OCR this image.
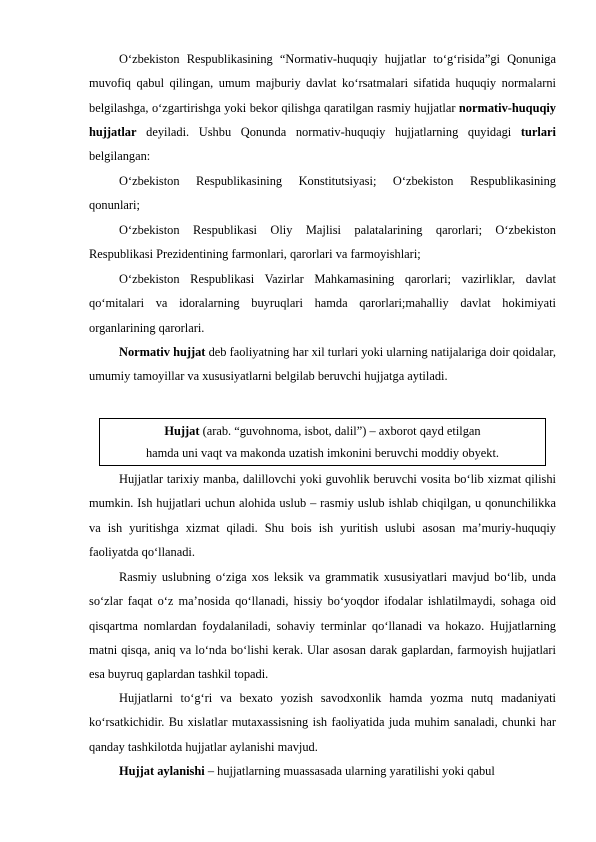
O‘zbekiston Respublikasining “Normativ-huquqiy hujjatlar to‘g‘risida”gi Qonuniga muvofiq qabul qilingan, umum majburiy davlat ko‘rsatmalari sifatida huquqiy normalarni belgilashga, o‘zgartirishga yoki bekor qilishga qaratilgan rasmiy hujjatlar normativ-huquqiy hujjatlar deyiladi. Ushbu Qonunda normativ-huquqiy hujjatlarning quyidagi turlari belgilangan:

O‘zbekiston Respublikasining Konstitutsiyasi; O‘zbekiston Respublikasining qonunlari;

O‘zbekiston Respublikasi Oliy Majlisi palatalarining qarorlari; O‘zbekiston Respublikasi Prezidentining farmonlari, qarorlari va farmoyishlari;

O‘zbekiston Respublikasi Vazirlar Mahkamasining qarorlari; vazirliklar, davlat qo‘mitalari va idoralarning buyruqlari hamda qarorlari;mahalliy davlat hokimiyati organlarining qarorlari.

Normativ hujjat deb faoliyatning har xil turlari yoki ularning natijalariga doir qoidalar, umumiy tamoyillar va xususiyatlarni belgilab beruvchi hujjatga aytiladi.

Hujjat (arab. “guvohnoma, isbot, dalil”) – axborot qayd etilgan
hamda uni vaqt va makonda uzatish imkonini beruvchi moddiy obyekt.

Hujjatlar tarixiy manba, dalillovchi yoki guvohlik beruvchi vosita bo‘lib xizmat qilishi mumkin. Ish hujjatlari uchun alohida uslub – rasmiy uslub ishlab chiqilgan, u qonunchilikka va ish yuritishga xizmat qiladi. Shu bois ish yuritish uslubi asosan ma’muriy-huquqiy faoliyatda qo‘llanadi.

Rasmiy uslubning o‘ziga xos leksik va grammatik xususiyatlari mavjud bo‘lib, unda so‘zlar faqat o‘z ma’nosida qo‘llanadi, hissiy bo‘yoqdor ifodalar ishlatilmaydi, sohaga oid qisqartma nomlardan foydalaniladi, sohaviy terminlar qo‘llanadi va hokazo. Hujjatlarning matni qisqa, aniq va lo‘nda bo‘lishi kerak. Ular asosan darak gaplardan, farmoyish hujjatlari esa buyruq gaplardan tashkil topadi.

Hujjatlarni to‘g‘ri va bexato yozish savodxonlik hamda yozma nutq madaniyati ko‘rsatkichidir. Bu xislatlar mutaxassisning ish faoliyatida juda muhim sanaladi, chunki har qanday tashkilotda hujjatlar aylanishi mavjud.

Hujjat aylanishi – hujjatlarning muassasada ularning yaratilishi yoki qabul
